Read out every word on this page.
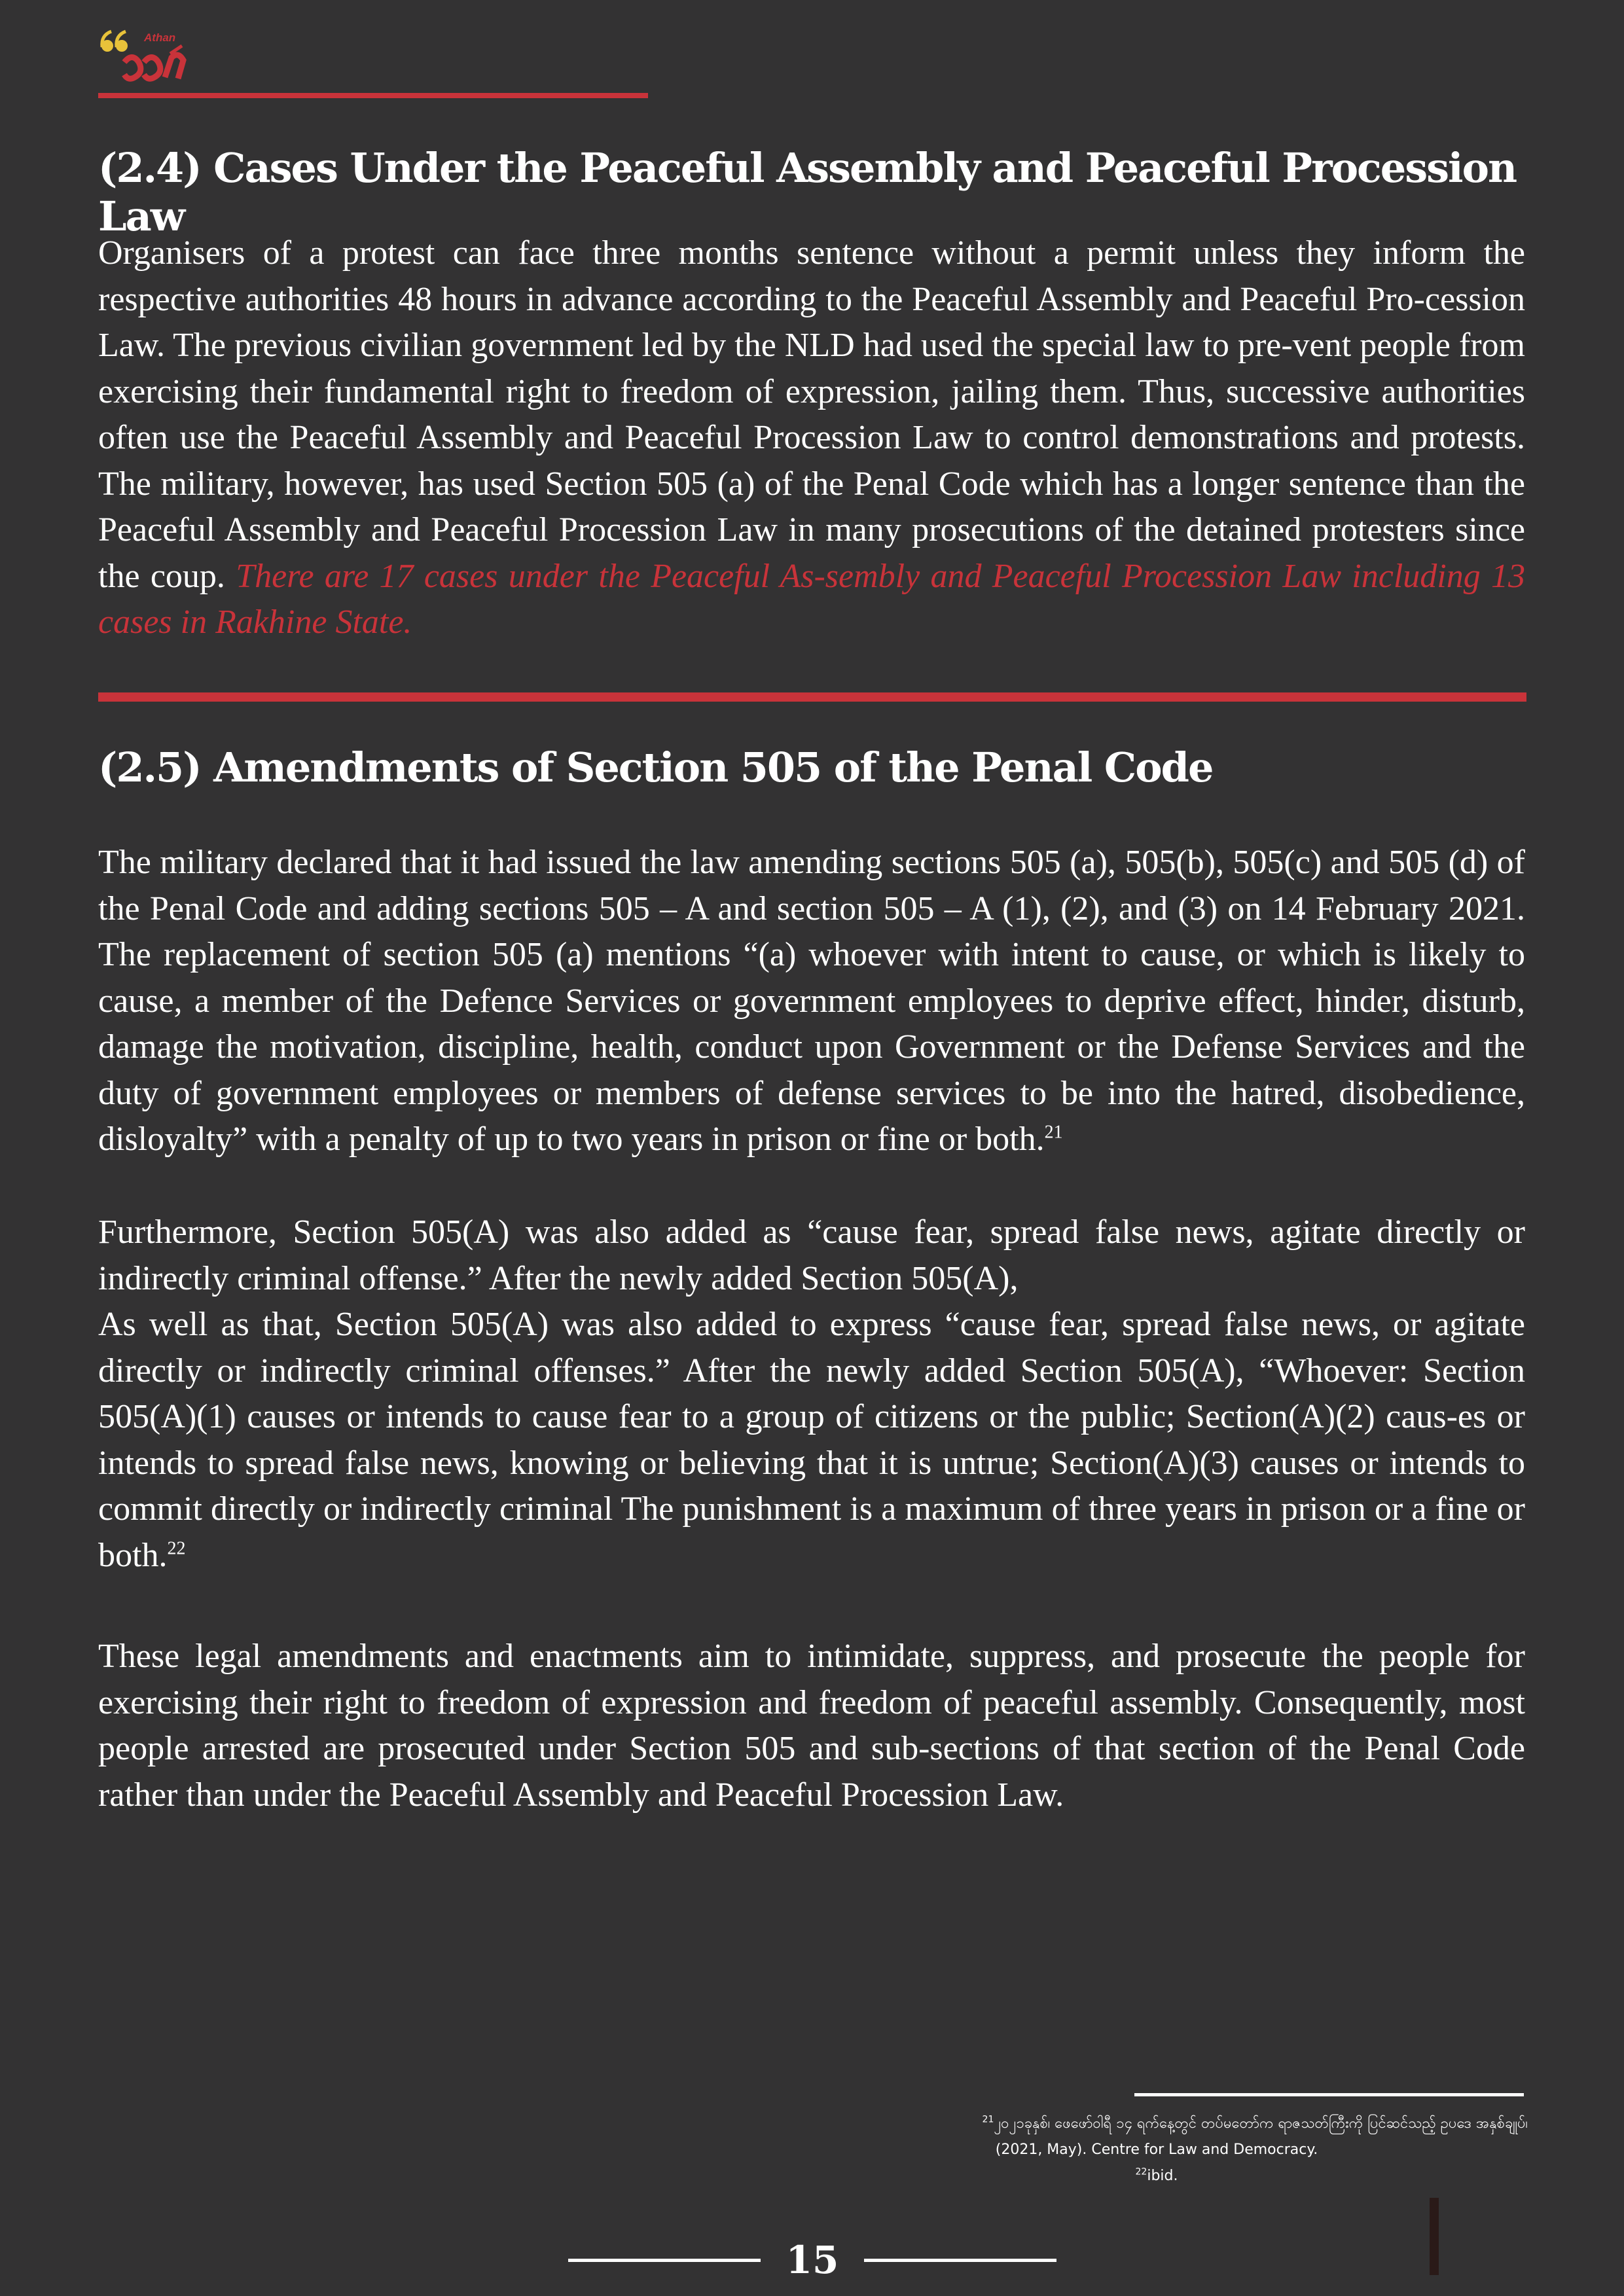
Athan
(2.4) Cases Under the Peaceful Assembly and Peaceful Procession Law

Organisers of a protest can face three months sentence without a permit unless they inform the respective authorities 48 hours in advance according to the Peaceful Assembly and Peaceful Pro-cession Law. The previous civilian government led by the NLD had used the special law to pre-vent people from exercising their fundamental right to freedom of expression, jailing them. Thus, successive authorities often use the Peaceful Assembly and Peaceful Procession Law to control demonstrations and protests. The military, however, has used Section 505 (a) of the Penal Code which has a longer sentence than the Peaceful Assembly and Peaceful Procession Law in many prosecutions of the detained protesters since the coup. There are 17 cases under the Peaceful As-sembly and Peaceful Procession Law including 13 cases in Rakhine State.

(2.5) Amendments of Section 505 of the Penal Code

The military declared that it had issued the law amending sections 505 (a), 505(b), 505(c) and 505 (d) of the Penal Code and adding sections 505 – A and section 505 – A (1), (2), and (3) on 14 February 2021. The replacement of section 505 (a) mentions “(a) whoever with intent to cause, or which is likely to cause, a member of the Defence Services or government employees to deprive effect, hinder, disturb, damage the motivation, discipline, health, conduct upon Government or the Defense Services and the duty of government employees or members of defense services to be into the hatred, disobedience, disloyalty” with a penalty of up to two years in prison or fine or both.$^{21}$

Furthermore, Section 505(A) was also added as “cause fear, spread false news, agitate directly or indirectly criminal offense.” After the newly added Section 505(A),
As well as that, Section 505(A) was also added to express “cause fear, spread false news, or agitate directly or indirectly criminal offenses.” After the newly added Section 505(A), “Whoever: Section 505(A)(1) causes or intends to cause fear to a group of citizens or the public; Section(A)(2) caus-es or intends to spread false news, knowing or believing that it is untrue; Section(A)(3) causes or intends to commit directly or indirectly criminal The punishment is a maximum of three years in prison or a fine or both.$^{22}$

These legal amendments and enactments aim to intimidate, suppress, and prosecute the people for exercising their right to freedom of expression and freedom of peaceful assembly. Consequently, most people arrested are prosecuted under Section 505 and sub-sections of that section of the Penal Code rather than under the Peaceful Assembly and Peaceful Procession Law.

$^{21}$၂၀၂၁ခုနှစ်၊ ဖေဖော်ဝါရီ ၁၄ ရက်နေ့တွင် တပ်မတော်က ရာဇသတ်ကြီးကို ပြင်ဆင်သည့် ဥပဒေ အနှစ်ချုပ်၊
(2021, May). Centre for Law and Democracy.
$^{22}$ibid.
15
